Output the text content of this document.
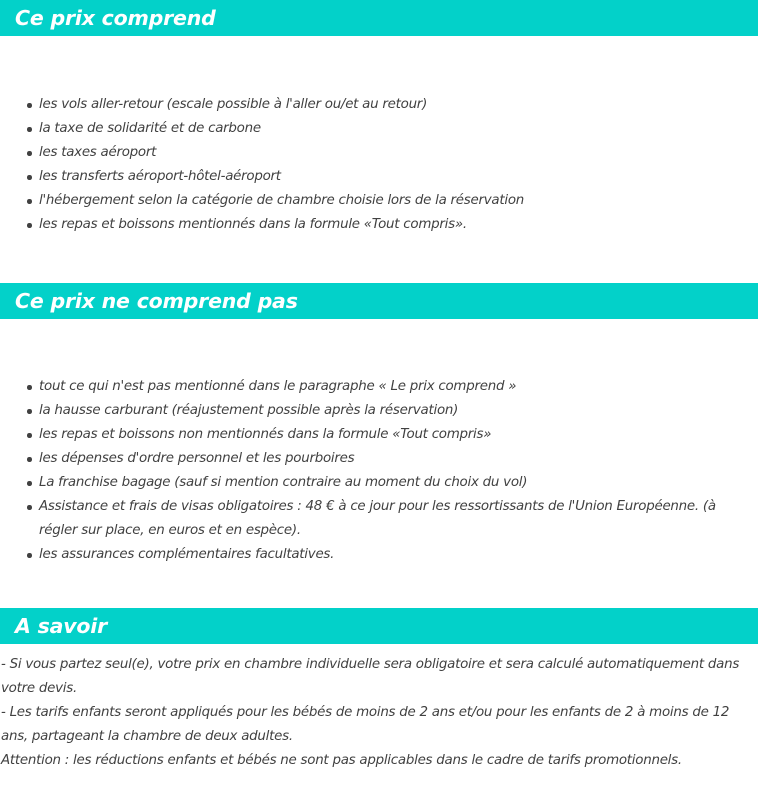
Ce prix comprend
les vols aller-retour (escale possible à l'aller ou/et au retour)
la taxe de solidarité et de carbone
les taxes aéroport
les transferts aéroport-hôtel-aéroport
l'hébergement selon la catégorie de chambre choisie lors de la réservation
les repas et boissons mentionnés dans la formule «Tout compris».
Ce prix ne comprend pas
tout ce qui n'est pas mentionné dans le paragraphe « Le prix comprend »
la hausse carburant (réajustement possible après la réservation)
les repas et boissons non mentionnés dans la formule «Tout compris»
les dépenses d'ordre personnel et les pourboires
La franchise bagage (sauf si mention contraire au moment du choix du vol)
Assistance et frais de visas obligatoires : 48 € à ce jour pour les ressortissants de l'Union Européenne. (à régler sur place, en euros et en espèce).
les assurances complémentaires facultatives.
A savoir

- Si vous partez seul(e), votre prix en chambre individuelle sera obligatoire et sera calculé automatiquement dans votre devis.

- Les tarifs enfants seront appliqués pour les bébés de moins de 2 ans et/ou pour les enfants de 2 à moins de 12 ans, partageant la chambre de deux adultes.

Attention : les réductions enfants et bébés ne sont pas applicables dans le cadre de tarifs promotionnels.
